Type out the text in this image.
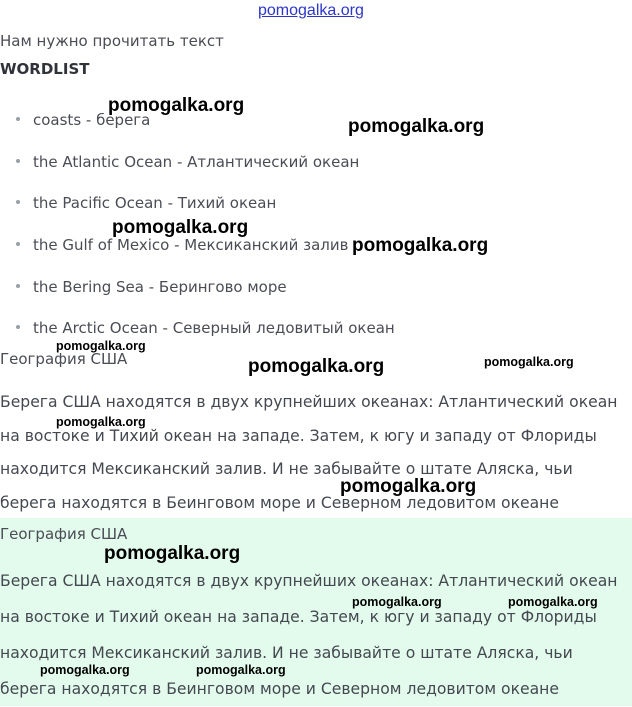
pomogalka.org
Нам нужно прочитать текст
WORDLIST
coasts - берега
the Atlantic Ocean - Атлантический океан
the Pacific Ocean - Тихий океан
the Gulf of Mexico - Мексиканский залив
the Bering Sea - Берингово море
the Arctic Ocean - Северный ледовитый океан
География США

Берега США находятся в двух крупнейших океанах: Атлантический океан на востоке и Тихий океан на западе. Затем, к югу и западу от Флориды находится Мексиканский залив. И не забывайте о штате Аляска, чьи берега находятся в Беинговом море и Северном ледовитом океане

География США

Берега США находятся в двух крупнейших океанах: Атлантический океан на востоке и Тихий океан на западе. Затем, к югу и западу от Флориды находится Мексиканский залив. И не забывайте о штате Аляска, чьи берега находятся в Беинговом море и Северном ледовитом океане

pomogalka.org
pomogalka.org
pomogalka.org
pomogalka.org
pomogalka.org
pomogalka.org	pomogalka.org
pomogalka.org
pomogalka.org
pomogalka.org
pomogalka.org	pomogalka.org
pomogalka.org	pomogalka.org
